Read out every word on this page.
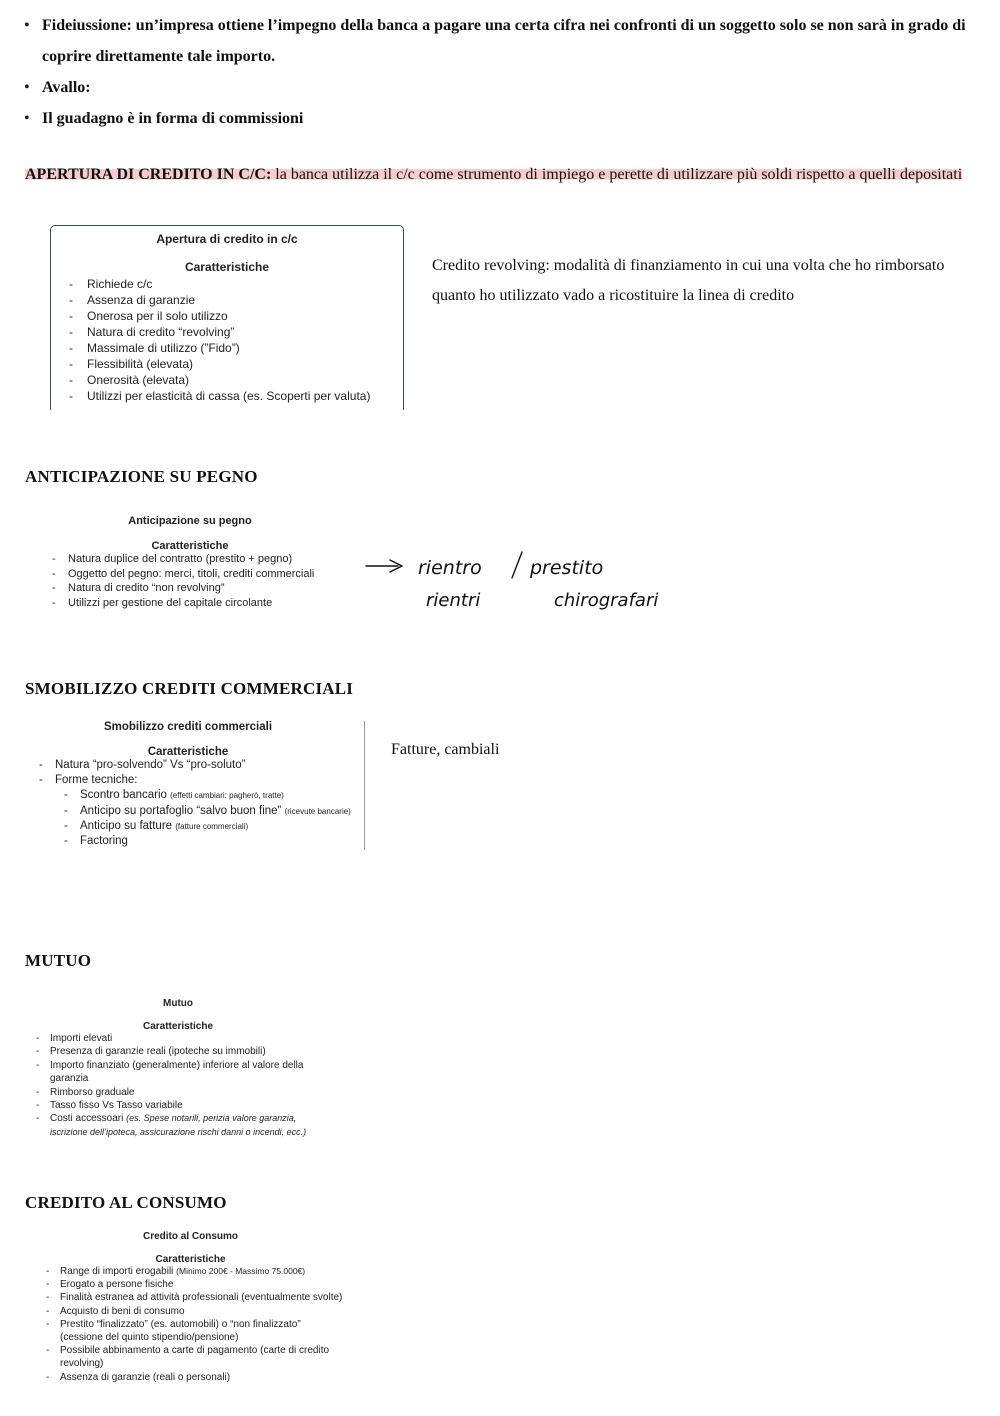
• Fideiussione: un’impresa ottiene l’impegno della banca a pagare una certa cifra nei confronti di un soggetto solo se non sarà in grado di coprire direttamente tale importo.
• Avallo:
• Il guadagno è in forma di commissioni
APERTURA DI CREDITO IN C/C: la banca utilizza il c/c come strumento di impiego e perette di utilizzare più soldi rispetto a quelli depositati
Apertura di credito in c/c
Caratteristiche
- Richiede c/c
- Assenza di garanzie
- Onerosa per il solo utilizzo
- Natura di credito “revolving”
- Massimale di utilizzo (”Fido”)
- Flessibilità (elevata)
- Onerosità (elevata)
- Utilizzi per elasticità di cassa (es. Scoperti per valuta)
Credito revolving: modalità di finanziamento in cui una volta che ho rimborsato quanto ho utilizzato vado a ricostituire la linea di credito
ANTICIPAZIONE SU PEGNO
Anticipazione su pegno
Caratteristiche
- Natura duplice del contratto (prestito + pegno)
- Oggetto del pegno: merci, titoli, crediti commerciali
- Natura di credito “non revolving”
- Utilizzi per gestione del capitale circolante
rientro	prestito
rientri	chirografari
SMOBILIZZO CREDITI COMMERCIALI
Smobilizzo crediti commerciali
Caratteristiche
- Natura “pro-solvendo” Vs “pro-soluto”
- Forme tecniche:
- Scontro bancario (effetti cambiari: pagherò, tratte)
- Anticipo su portafoglio “salvo buon fine” (ricevute bancarie)
- Anticipo su fatture (fatture commerciali)
- Factoring
Fatture, cambiali
MUTUO
Mutuo
Caratteristiche
- Importi elevati
- Presenza di garanzie reali (ipoteche su immobili)
- Importo finanziato (generalmente) inferiore al valore della garanzia
- Rimborso graduale
- Tasso fisso Vs Tasso variabile
- Costi accessoari (es. Spese notarili, perizia valore garanzia, iscrizione dell’ipoteca, assicurazione rischi danni o incendi, ecc.)
CREDITO AL CONSUMO
Credito al Consumo
Caratteristiche
- Range di importi erogabili (Minimo 200€ - Massimo 75.000€)
- Erogato a persone fisiche
- Finalità estranea ad attività professionali (eventualmente svolte)
- Acquisto di beni di consumo
- Prestito “finalizzato” (es. automobili) o “non finalizzato” (cessione del quinto stipendio/pensione)
- Possibile abbinamento a carte di pagamento (carte di credito revolving)
- Assenza di garanzie (reali o personali)
